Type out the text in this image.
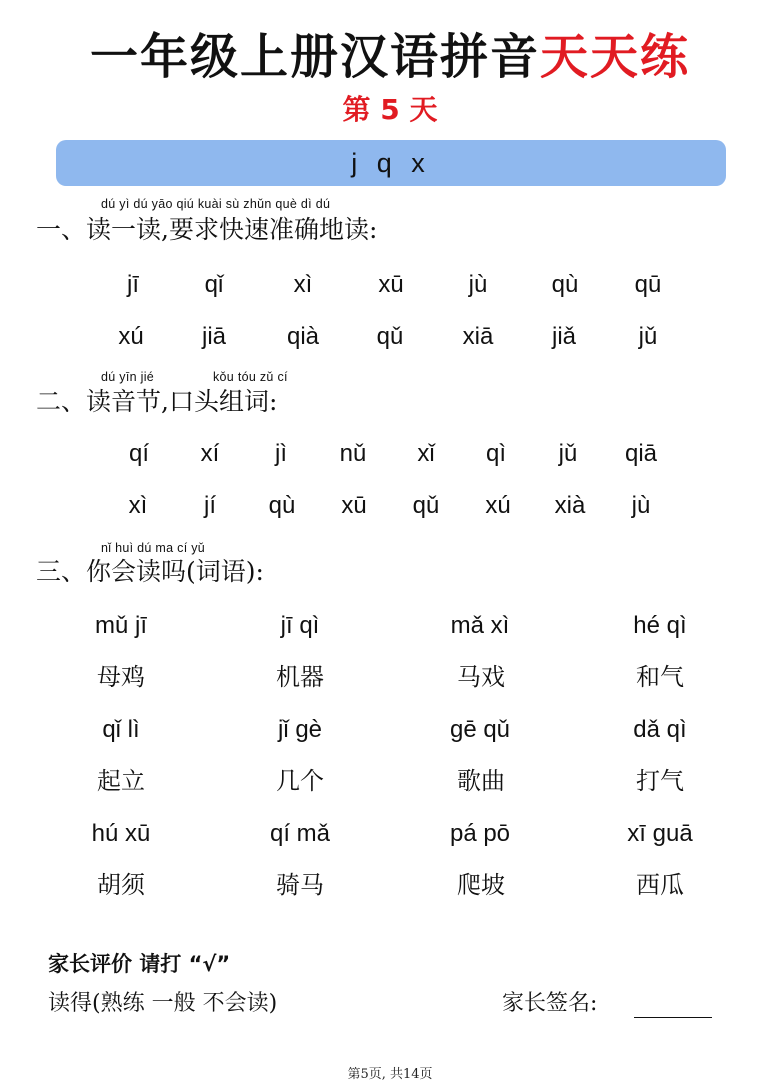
一年级上册汉语拼音天天练
第 5 天
j q x
dú yì dú yāo qiú kuài sù zhǔn què dì dú
一、读一读,要求快速准确地读:
jī	qǐ	xì	xū	jù	qù qū
xú jiā	qià qǔ xiā jiǎ	jǔ
dú yīn jié	kǒu tóu zǔ cí
二、读音节,口头组词:
qí xí jì nǔ xǐ qì jǔ qiā
xì jí qù xū qǔ xú xià jù
nǐ huì dú ma cí yǔ
三、你会读吗(词语):
mǔ jī	jī qì	mǎ xì	hé qì
母鸡	机器	马戏	和气
qǐ lì	jǐ gè	gē qǔ	dǎ qì
起立	几个	歌曲	打气
hú xū	qí mǎ	pá pō	xī guā
胡须	骑马	爬坡	西瓜
家长评价 请打 “√”
读得(熟练 一般 不会读)	家长签名:
第5页, 共14页
